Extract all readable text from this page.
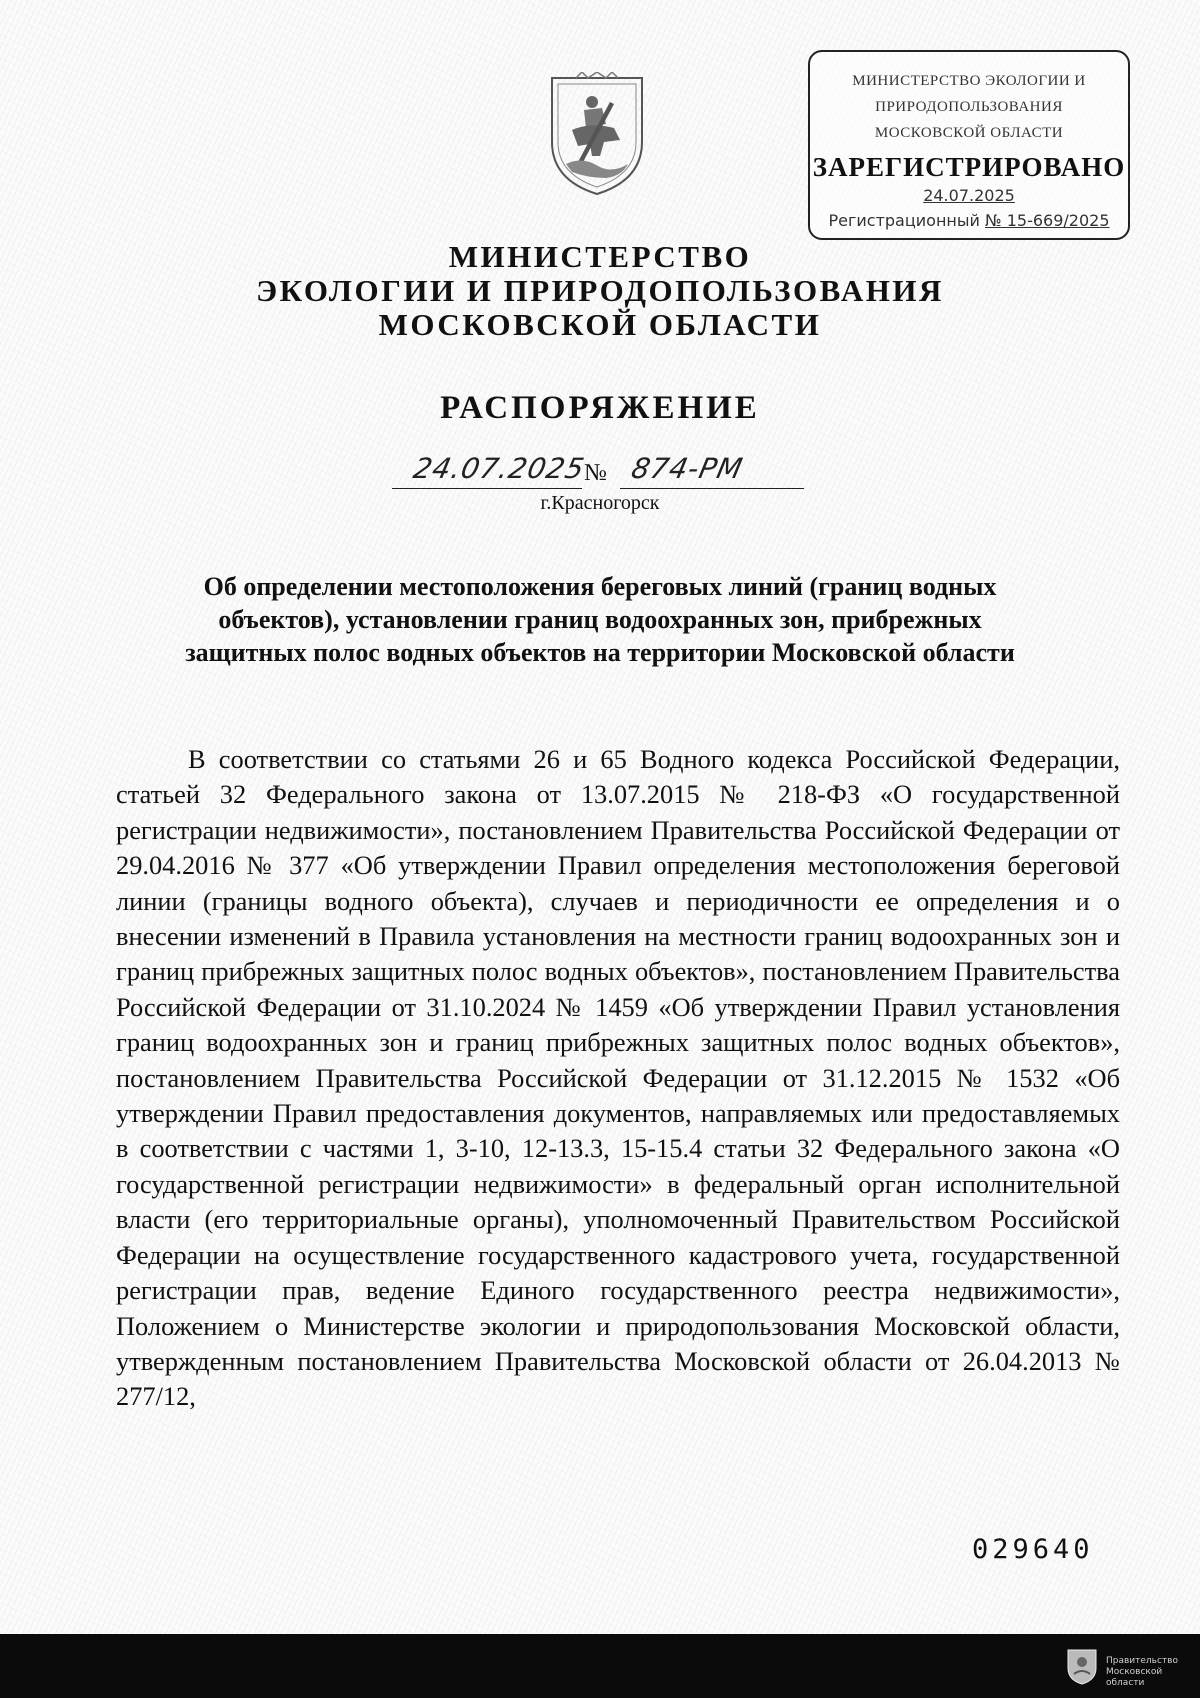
МИНИСТЕРСТВО ЭКОЛОГИИ И
ПРИРОДОПОЛЬЗОВАНИЯ
МОСКОВСКОЙ ОБЛАСТИ
ЗАРЕГИСТРИРОВАНО
24.07.2025
Регистрационный № 15-669/2025
МИНИСТЕРСТВО
ЭКОЛОГИИ И ПРИРОДОПОЛЬЗОВАНИЯ
МОСКОВСКОЙ ОБЛАСТИ
РАСПОРЯЖЕНИЕ
24.07.2025
№ 874-РМ
г.Красногорск
Об определении местоположения береговых линий (границ водных объектов), установлении границ водоохранных зон, прибрежных защитных полос водных объектов на территории Московской области

В соответствии со статьями 26 и 65 Водного кодекса Российской Федерации, статьей 32 Федерального закона от 13.07.2015 № 218-ФЗ «О государственной регистрации недвижимости», постановлением Правительства Российской Федерации от 29.04.2016 № 377 «Об утверждении Правил определения местоположения береговой линии (границы водного объекта), случаев и периодичности ее определения и о внесении изменений в Правила установления на местности границ водоохранных зон и границ прибрежных защитных полос водных объектов», постановлением Правительства Российской Федерации от 31.10.2024 № 1459 «Об утверждении Правил установления границ водоохранных зон и границ прибрежных защитных полос водных объектов», постановлением Правительства Российской Федерации от 31.12.2015 № 1532 «Об утверждении Правил предоставления документов, направляемых или предоставляемых в соответствии с частями 1, 3-10, 12-13.3, 15-15.4 статьи 32 Федерального закона «О государственной регистрации недвижимости» в федеральный орган исполнительной власти (его территориальные органы), уполномоченный Правительством Российской Федерации на осуществление государственного кадастрового учета, государственной регистрации прав, ведение Единого государственного реестра недвижимости», Положением о Министерстве экологии и природопользования Московской области, утвержденным постановлением Правительства Московской области от 26.04.2013 № 277/12,

029640
Правительство
Московской области
